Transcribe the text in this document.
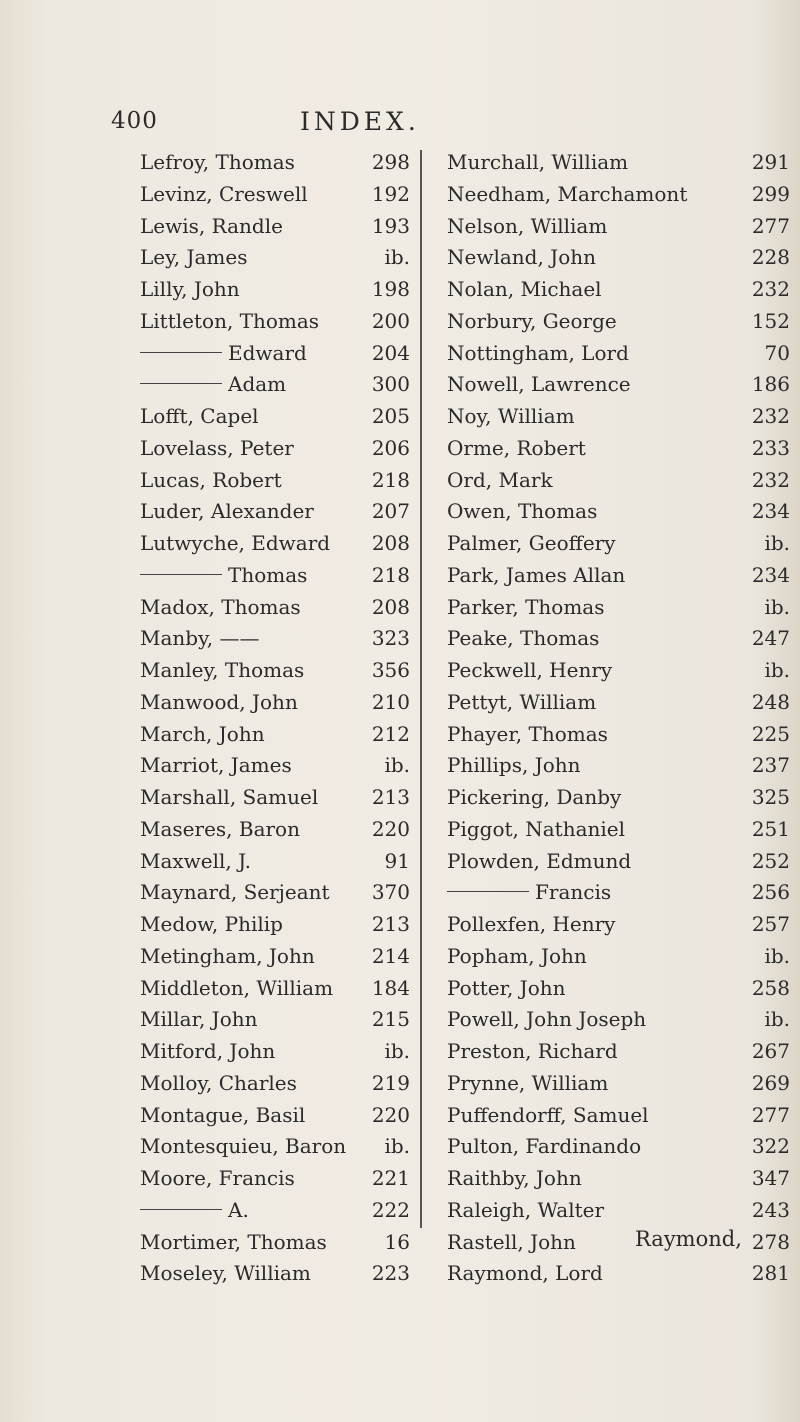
400	INDEX.
Lefroy, Thomas	298
Levinz, Creswell	192
Lewis, Randle	193
Ley, James	ib.
Lilly, John	198
Littleton, Thomas	200
Edward	204
Adam	300
Lofft, Capel	205
Lovelass, Peter	206
Lucas, Robert	218
Luder, Alexander	207
Lutwyche, Edward	208
Thomas	218
Madox, Thomas	208
Manby, ——	323
Manley, Thomas	356
Manwood, John	210
March, John	212
Marriot, James	ib.
Marshall, Samuel	213
Maseres, Baron	220
Maxwell, J.	91
Maynard, Serjeant	370
Medow, Philip	213
Metingham, John	214
Middleton, William	184
Millar, John	215
Mitford, John	ib.
Molloy, Charles	219
Montague, Basil	220
Montesquieu, Baron	ib.
Moore, Francis	221
A.	222
Mortimer, Thomas	16
Moseley, William	223
Murchall, William	291
Needham, Marchamont	299
Nelson, William	277
Newland, John	228
Nolan, Michael	232
Norbury, George	152
Nottingham, Lord	70
Nowell, Lawrence	186
Noy, William	232
Orme, Robert	233
Ord, Mark	232
Owen, Thomas	234
Palmer, Geoffery	ib.
Park, James Allan	234
Parker, Thomas	ib.
Peake, Thomas	247
Peckwell, Henry	ib.
Pettyt, William	248
Phayer, Thomas	225
Phillips, John	237
Pickering, Danby	325
Piggot, Nathaniel	251
Plowden, Edmund	252
Francis	256
Pollexfen, Henry	257
Popham, John	ib.
Potter, John	258
Powell, John Joseph	ib.
Preston, Richard	267
Prynne, William	269
Puffendorff, Samuel	277
Pulton, Fardinando	322
Raithby, John	347
Raleigh, Walter	243
Rastell, John	278
Raymond, Lord	281
Raymond,
